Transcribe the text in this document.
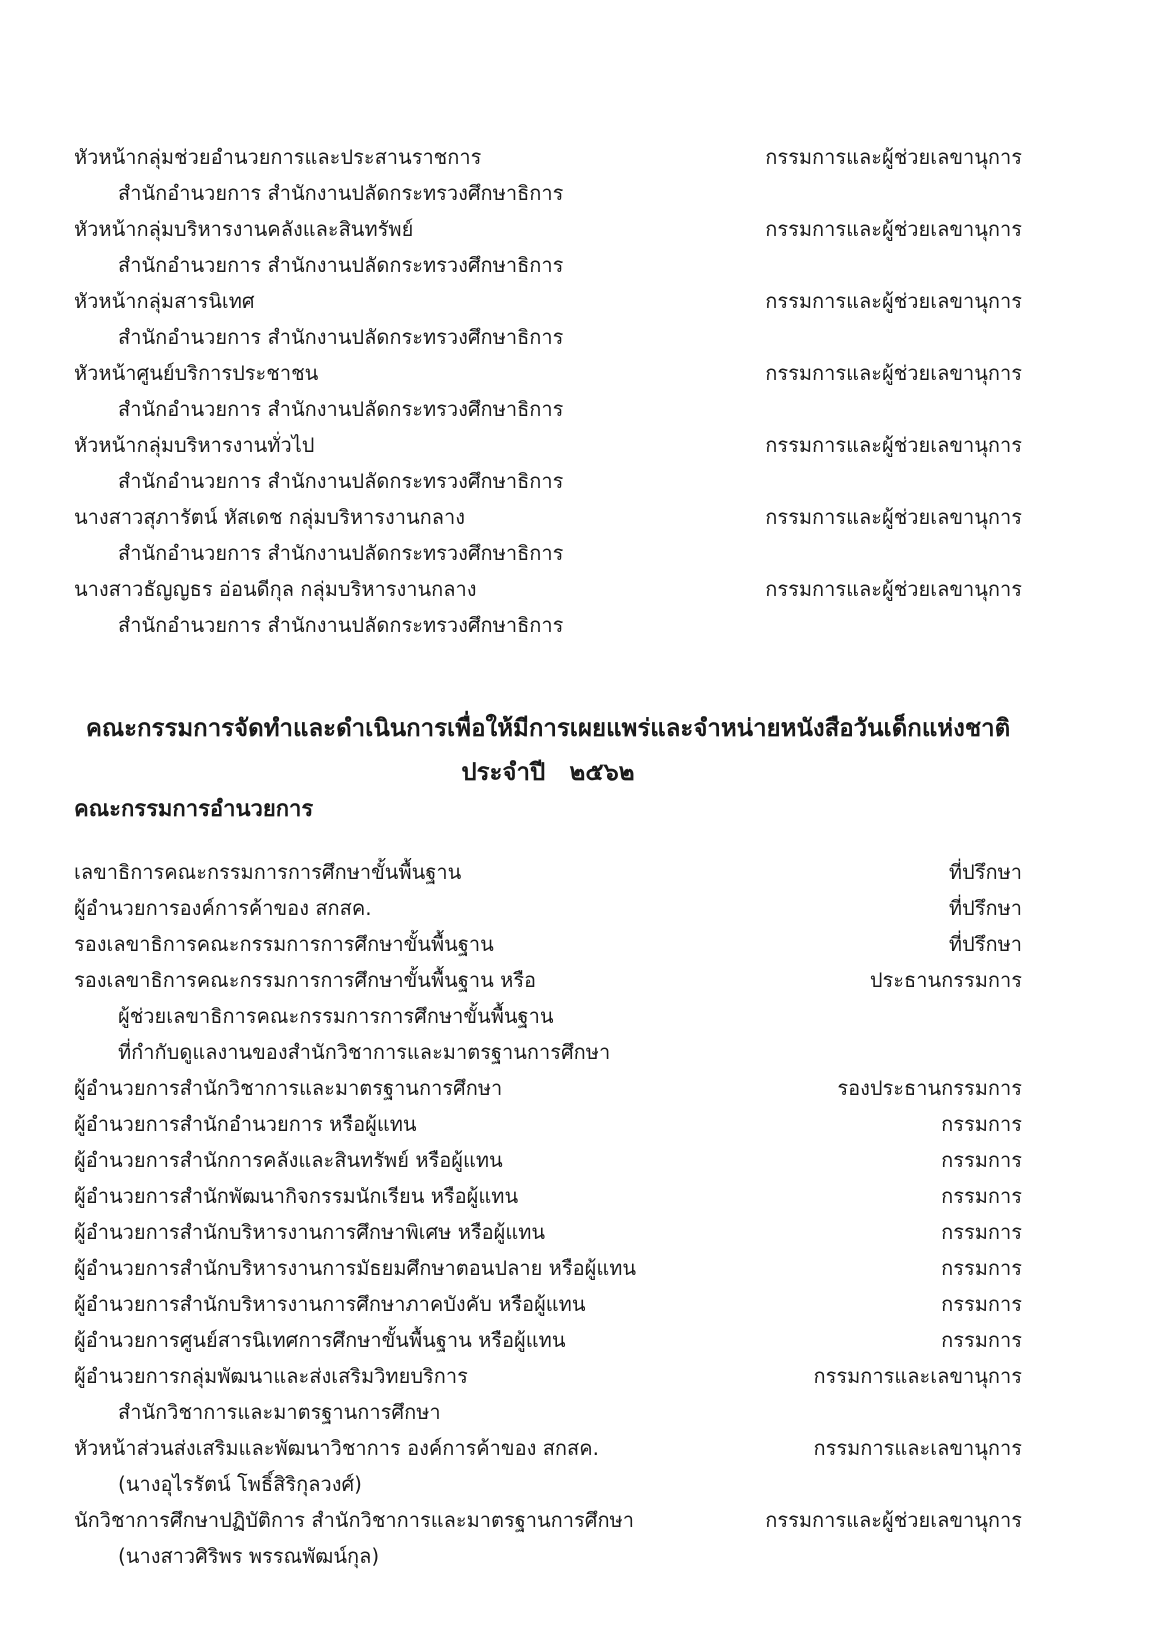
หัวหน้ากลุ่มช่วยอำนวยการและประสานราชการ	กรรมการและผู้ช่วยเลขานุการ
สำนักอำนวยการ สำนักงานปลัดกระทรวงศึกษาธิการ
หัวหน้ากลุ่มบริหารงานคลังและสินทรัพย์	กรรมการและผู้ช่วยเลขานุการ
สำนักอำนวยการ สำนักงานปลัดกระทรวงศึกษาธิการ
หัวหน้ากลุ่มสารนิเทศ	กรรมการและผู้ช่วยเลขานุการ
สำนักอำนวยการ สำนักงานปลัดกระทรวงศึกษาธิการ
หัวหน้าศูนย์บริการประชาชน	กรรมการและผู้ช่วยเลขานุการ
สำนักอำนวยการ สำนักงานปลัดกระทรวงศึกษาธิการ
หัวหน้ากลุ่มบริหารงานทั่วไป	กรรมการและผู้ช่วยเลขานุการ
สำนักอำนวยการ สำนักงานปลัดกระทรวงศึกษาธิการ
นางสาวสุภารัตน์ หัสเดช กลุ่มบริหารงานกลาง	กรรมการและผู้ช่วยเลขานุการ
สำนักอำนวยการ สำนักงานปลัดกระทรวงศึกษาธิการ
นางสาวธัญญธร อ่อนดีกุล กลุ่มบริหารงานกลาง	กรรมการและผู้ช่วยเลขานุการ
สำนักอำนวยการ สำนักงานปลัดกระทรวงศึกษาธิการ
คณะกรรมการจัดทำและดำเนินการเพื่อให้มีการเผยแพร่และจำหน่ายหนังสือวันเด็กแห่งชาติ
ประจำปี ๒๕๖๒
คณะกรรมการอำนวยการ
เลขาธิการคณะกรรมการการศึกษาขั้นพื้นฐาน	ที่ปรึกษา
ผู้อำนวยการองค์การค้าของ สกสค.	ที่ปรึกษา
รองเลขาธิการคณะกรรมการการศึกษาขั้นพื้นฐาน	ที่ปรึกษา
รองเลขาธิการคณะกรรมการการศึกษาขั้นพื้นฐาน หรือ	ประธานกรรมการ
ผู้ช่วยเลขาธิการคณะกรรมการการศึกษาขั้นพื้นฐาน
ที่กำกับดูแลงานของสำนักวิชาการและมาตรฐานการศึกษา
ผู้อำนวยการสำนักวิชาการและมาตรฐานการศึกษา	รองประธานกรรมการ
ผู้อำนวยการสำนักอำนวยการ หรือผู้แทน	กรรมการ
ผู้อำนวยการสำนักการคลังและสินทรัพย์ หรือผู้แทน	กรรมการ
ผู้อำนวยการสำนักพัฒนากิจกรรมนักเรียน หรือผู้แทน	กรรมการ
ผู้อำนวยการสำนักบริหารงานการศึกษาพิเศษ หรือผู้แทน	กรรมการ
ผู้อำนวยการสำนักบริหารงานการมัธยมศึกษาตอนปลาย หรือผู้แทน	กรรมการ
ผู้อำนวยการสำนักบริหารงานการศึกษาภาคบังคับ หรือผู้แทน	กรรมการ
ผู้อำนวยการศูนย์สารนิเทศการศึกษาขั้นพื้นฐาน หรือผู้แทน	กรรมการ
ผู้อำนวยการกลุ่มพัฒนาและส่งเสริมวิทยบริการ	กรรมการและเลขานุการ
สำนักวิชาการและมาตรฐานการศึกษา
หัวหน้าส่วนส่งเสริมและพัฒนาวิชาการ องค์การค้าของ สกสค.	กรรมการและเลขานุการ
(นางอุไรรัตน์ โพธิ์สิริกุลวงศ์)
นักวิชาการศึกษาปฏิบัติการ สำนักวิชาการและมาตรฐานการศึกษา	กรรมการและผู้ช่วยเลขานุการ
(นางสาวศิริพร พรรณพัฒน์กุล)
